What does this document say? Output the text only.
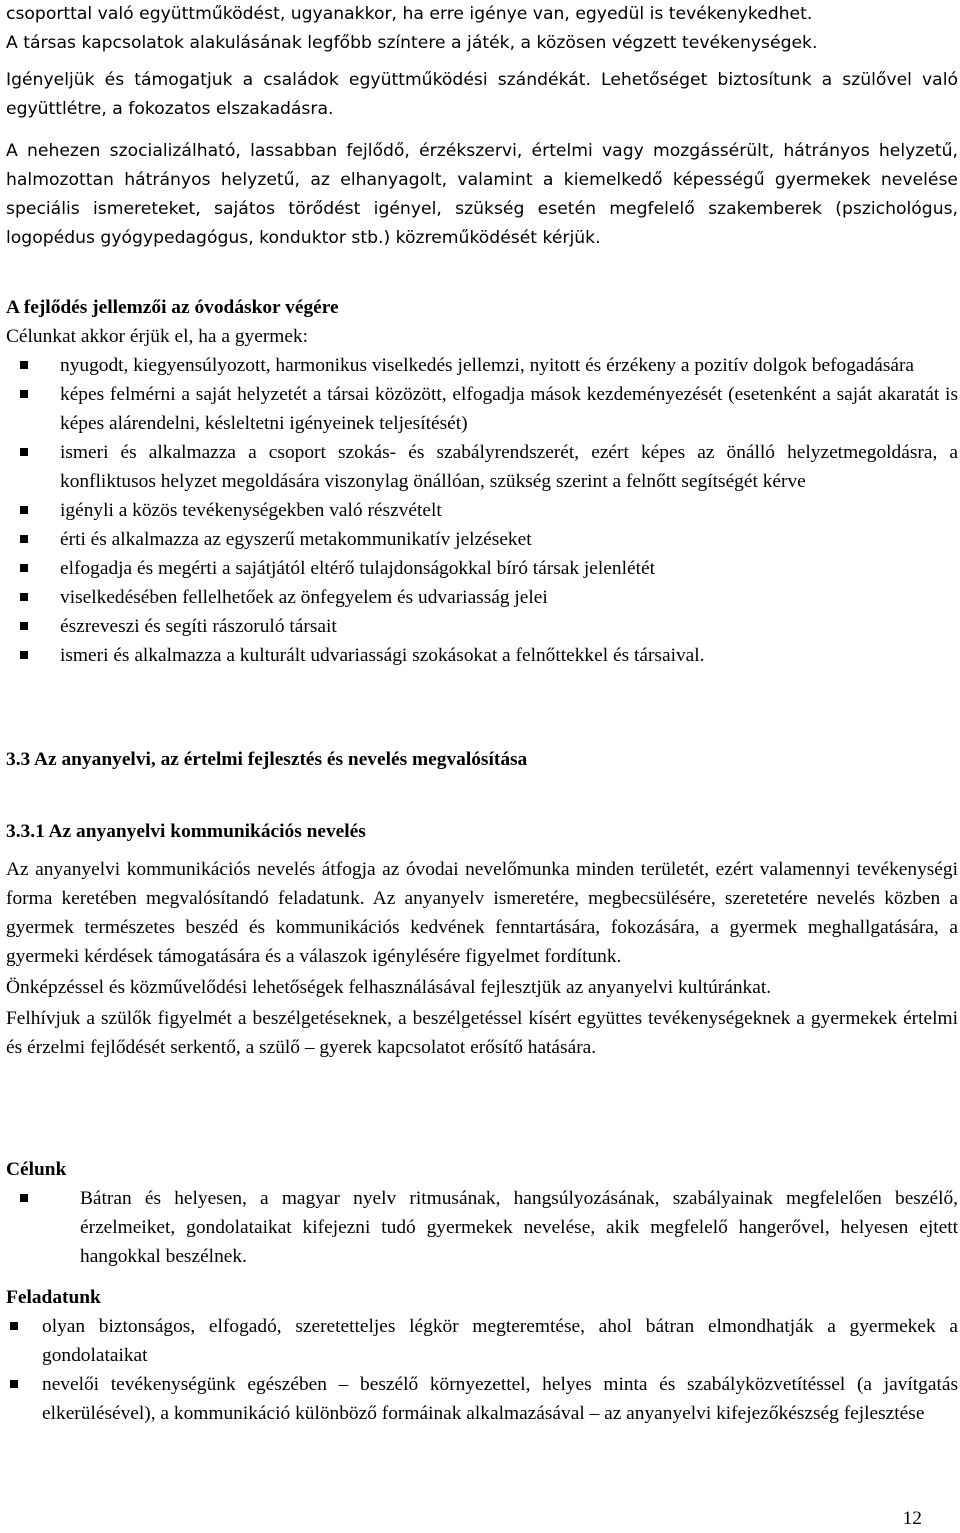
csoporttal való együttműködést, ugyanakkor, ha erre igénye van, egyedül is tevékenykedhet.

A társas kapcsolatok alakulásának legfőbb színtere a játék, a közösen végzett tevékenységek.

Igényeljük és támogatjuk a családok együttműködési szándékát. Lehetőséget biztosítunk a szülővel való együttlétre, a fokozatos elszakadásra.

A nehezen szocializálható, lassabban fejlődő, érzékszervi, értelmi vagy mozgássérült, hátrányos helyzetű, halmozottan hátrányos helyzetű, az elhanyagolt, valamint a kiemelkedő képességű gyermekek nevelése speciális ismereteket, sajátos törődést igényel, szükség esetén megfelelő szakemberek (pszichológus, logopédus gyógypedagógus, konduktor stb.) közreműködését kérjük.

A fejlődés jellemzői az óvodáskor végére

Célunkat akkor érjük el, ha a gyermek:

nyugodt, kiegyensúlyozott, harmonikus viselkedés jellemzi, nyitott és érzékeny a pozitív dolgok befogadására
képes felmérni a saját helyzetét a társai közözött, elfogadja mások kezdeményezését (esetenként a saját akaratát is képes alárendelni, késleltetni igényeinek teljesítését)
ismeri és alkalmazza a csoport szokás- és szabályrendszerét, ezért képes az önálló helyzetmegoldásra, a konfliktusos helyzet megoldására viszonylag önállóan, szükség szerint a felnőtt segítségét kérve
igényli a közös tevékenységekben való részvételt
érti és alkalmazza az egyszerű metakommunikatív jelzéseket
elfogadja és megérti a sajátjától eltérő tulajdonságokkal bíró társak jelenlétét
viselkedésében fellelhetőek az önfegyelem és udvariasság jelei
észreveszi és segíti rászoruló társait
ismeri és alkalmazza a kulturált udvariassági szokásokat a felnőttekkel és társaival.
3.3 Az anyanyelvi, az értelmi fejlesztés és nevelés megvalósítása
3.3.1 Az anyanyelvi kommunikációs nevelés

Az anyanyelvi kommunikációs nevelés átfogja az óvodai nevelőmunka minden területét, ezért valamennyi tevékenységi forma keretében megvalósítandó feladatunk. Az anyanyelv ismeretére, megbecsülésére, szeretetére nevelés közben a gyermek természetes beszéd és kommunikációs kedvének fenntartására, fokozására, a gyermek meghallgatására, a gyermeki kérdések támogatására és a válaszok igénylésére figyelmet fordítunk.

Önképzéssel és közművelődési lehetőségek felhasználásával fejlesztjük az anyanyelvi kultúránkat.

Felhívjuk a szülők figyelmét a beszélgetéseknek, a beszélgetéssel kísért együttes tevékenységeknek a gyermekek értelmi és érzelmi fejlődését serkentő, a szülő – gyerek kapcsolatot erősítő hatására.

Célunk
Bátran és helyesen, a magyar nyelv ritmusának, hangsúlyozásának, szabályainak megfelelően beszélő, érzelmeiket, gondolataikat kifejezni tudó gyermekek nevelése, akik megfelelő hangerővel, helyesen ejtett hangokkal beszélnek.
Feladatunk
olyan biztonságos, elfogadó, szeretetteljes légkör megteremtése, ahol bátran elmondhatják a gyermekek a gondolataikat
nevelői tevékenységünk egészében – beszélő környezettel, helyes minta és szabályközvetítéssel (a javítgatás elkerülésével), a kommunikáció különböző formáinak alkalmazásával – az anyanyelvi kifejezőkészség fejlesztése
12
